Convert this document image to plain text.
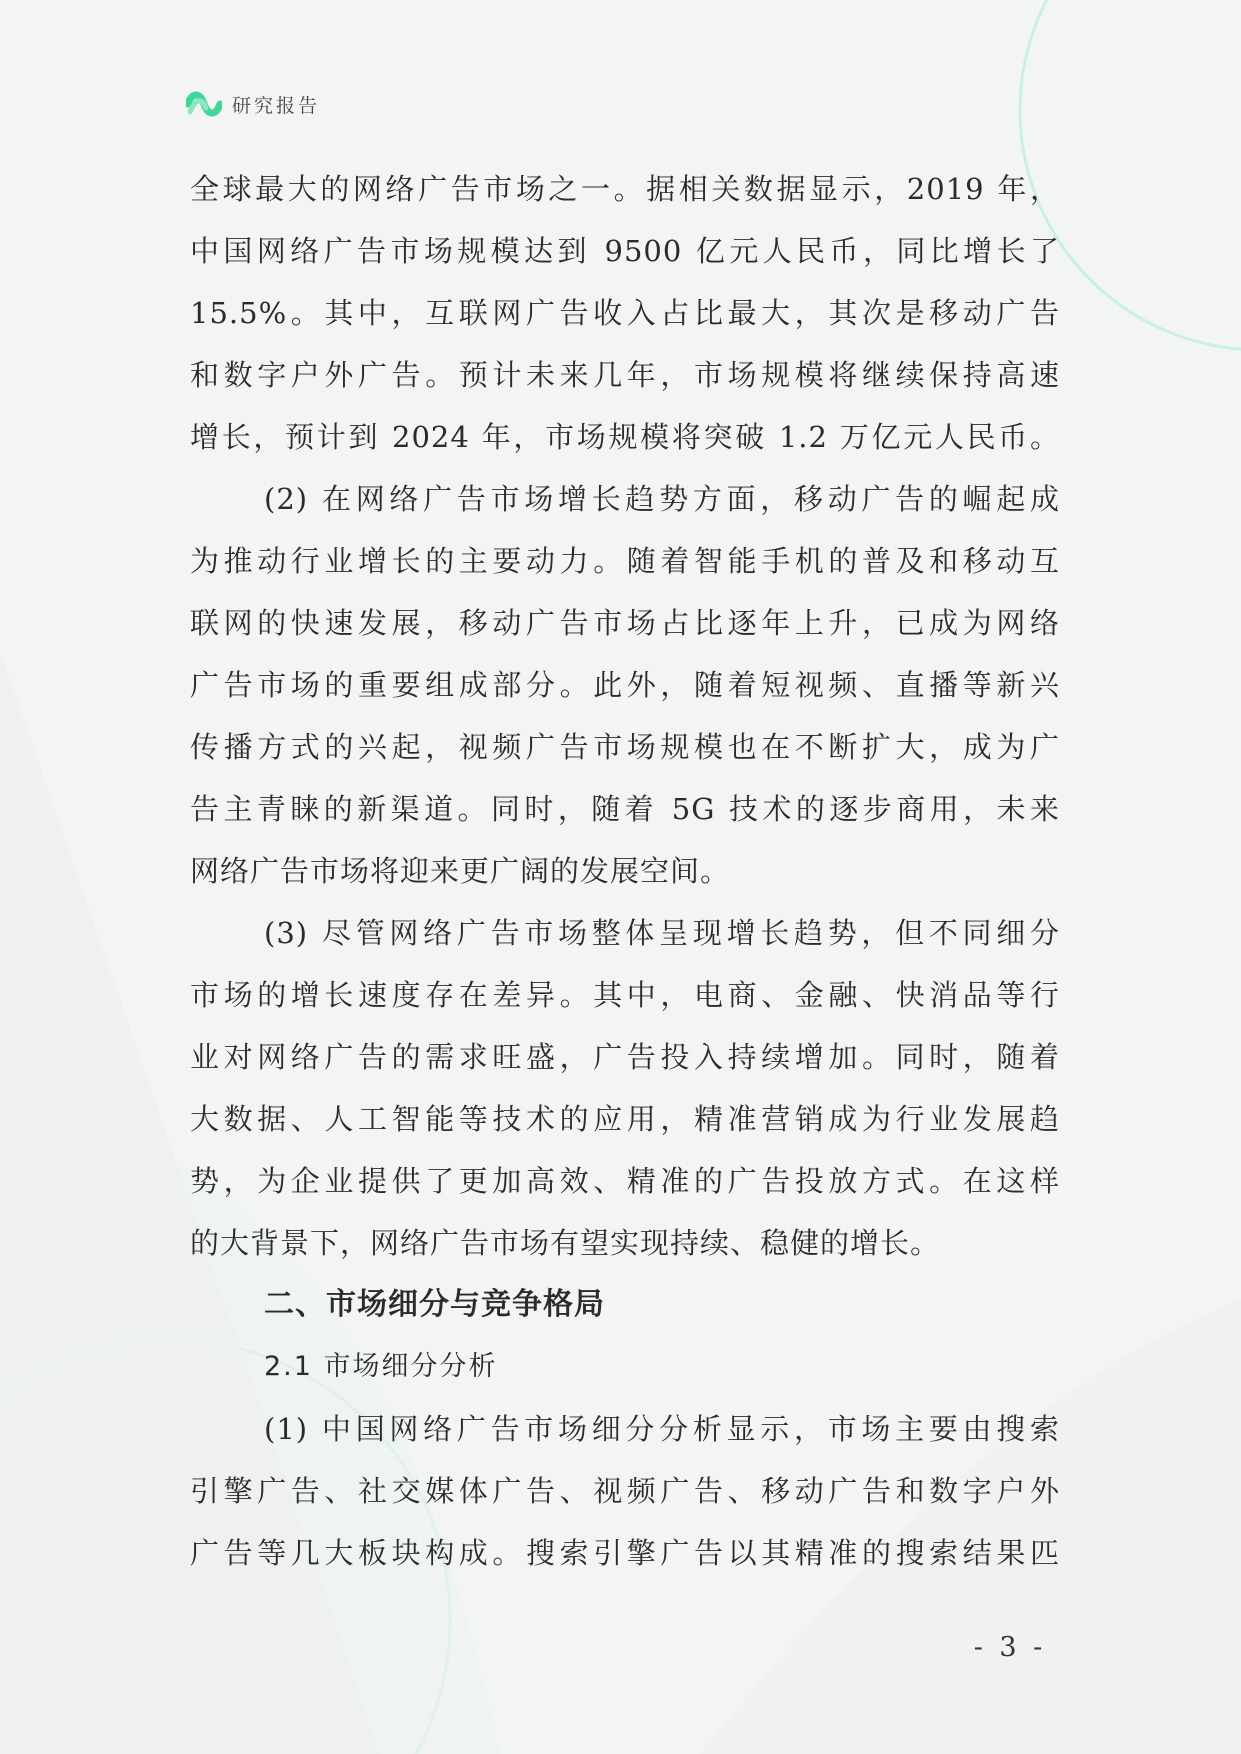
研究报告
全球最大的网络广告市场之一。据相关数据显示，2019 年，
中国网络广告市场规模达到 9500 亿元人民币，同比增长了
15.5%。其中，互联网广告收入占比最大，其次是移动广告
和数字户外广告。预计未来几年，市场规模将继续保持高速
增长，预计到 2024 年，市场规模将突破 1.2 万亿元人民币。
(2) 在网络广告市场增长趋势方面，移动广告的崛起成
为推动行业增长的主要动力。随着智能手机的普及和移动互
联网的快速发展，移动广告市场占比逐年上升，已成为网络
广告市场的重要组成部分。此外，随着短视频、直播等新兴
传播方式的兴起，视频广告市场规模也在不断扩大，成为广
告主青睐的新渠道。同时，随着 5G 技术的逐步商用，未来
网络广告市场将迎来更广阔的发展空间。
(3) 尽管网络广告市场整体呈现增长趋势，但不同细分
市场的增长速度存在差异。其中，电商、金融、快消品等行
业对网络广告的需求旺盛，广告投入持续增加。同时，随着
大数据、人工智能等技术的应用，精准营销成为行业发展趋
势，为企业提供了更加高效、精准的广告投放方式。在这样
的大背景下，网络广告市场有望实现持续、稳健的增长。
二、市场细分与竞争格局
2.1 市场细分分析
(1) 中国网络广告市场细分分析显示，市场主要由搜索
引擎广告、社交媒体广告、视频广告、移动广告和数字户外
广告等几大板块构成。搜索引擎广告以其精准的搜索结果匹
- 3 -
